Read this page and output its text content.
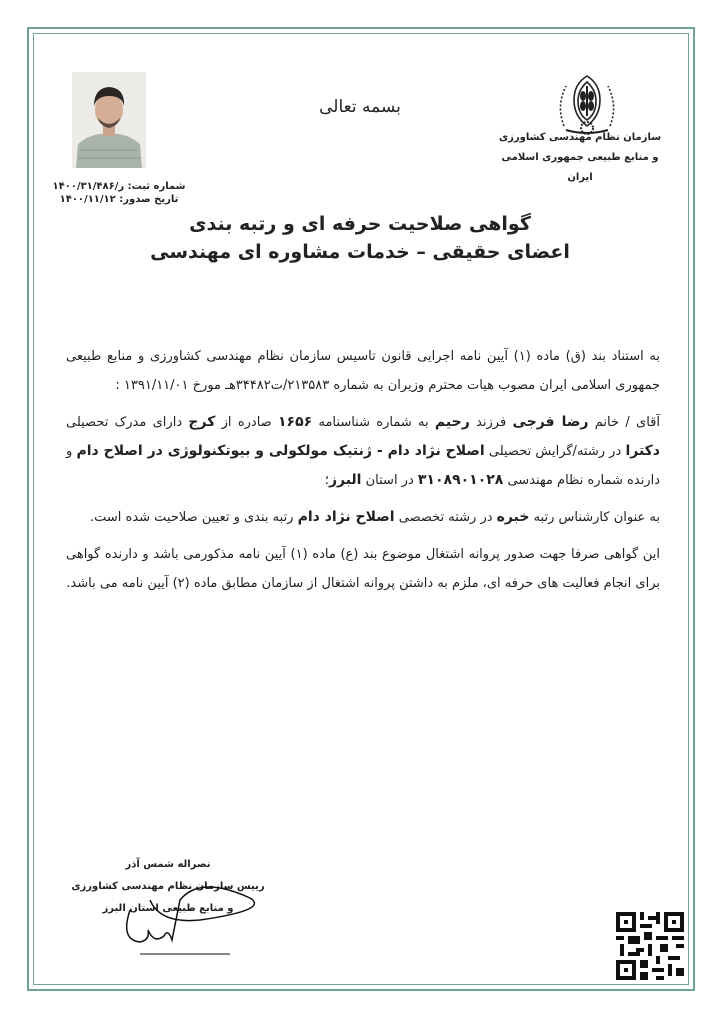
شماره ثبت: ر/۱۴۰۰/۳۱/۴۸۶
تاریخ صدور: ۱۴۰۰/۱۱/۱۲
بسمه تعالی
سازمان نظام مهندسی کشاورزی
و منابع طبیعی جمهوری اسلامی ایران
گواهی صلاحیت حرفه ای و رتبه بندی
اعضای حقیقی – خدمات مشاوره ای مهندسی

به استناد بند (ق) ماده (۱) آیین نامه اجرایی قانون تاسیس سازمان نظام مهندسی کشاورزی و منابع طبیعی جمهوری اسلامی ایران مصوب هیات محترم وزیران به شماره ۲۱۳۵۸۳/ت۳۴۴۸۲هـ مورخ ۱۳۹۱/۱۱/۰۱ :

آقای / خانم رضا فرجی فرزند رحیم به شماره شناسنامه ۱۶۵۶ صادره از کرج دارای مدرک تحصیلی دکترا در رشته/گرایش تحصیلی اصلاح نژاد دام - ژنتیک مولکولی و بیوتکنولوژی در اصلاح دام و دارنده شماره نظام مهندسی ۳۱۰۸۹۰۱۰۲۸ در استان البرز؛

به عنوان کارشناس رتبه خبره در رشته تخصصی اصلاح نژاد دام رتبه بندی و تعیین صلاحیت شده است.

این گواهی صرفا جهت صدور پروانه اشتغال موضوع بند (ع) ماده (۱) آیین نامه مذکورمی باشد و دارنده گواهی برای انجام فعالیت های حرفه ای، ملزم به داشتن پروانه اشتغال از سازمان مطابق ماده (۲) آیین نامه می باشد.

نصراله شمس آذر
رییس سازمان نظام مهندسی کشاورزی
و منابع طبیعی استان البرز
